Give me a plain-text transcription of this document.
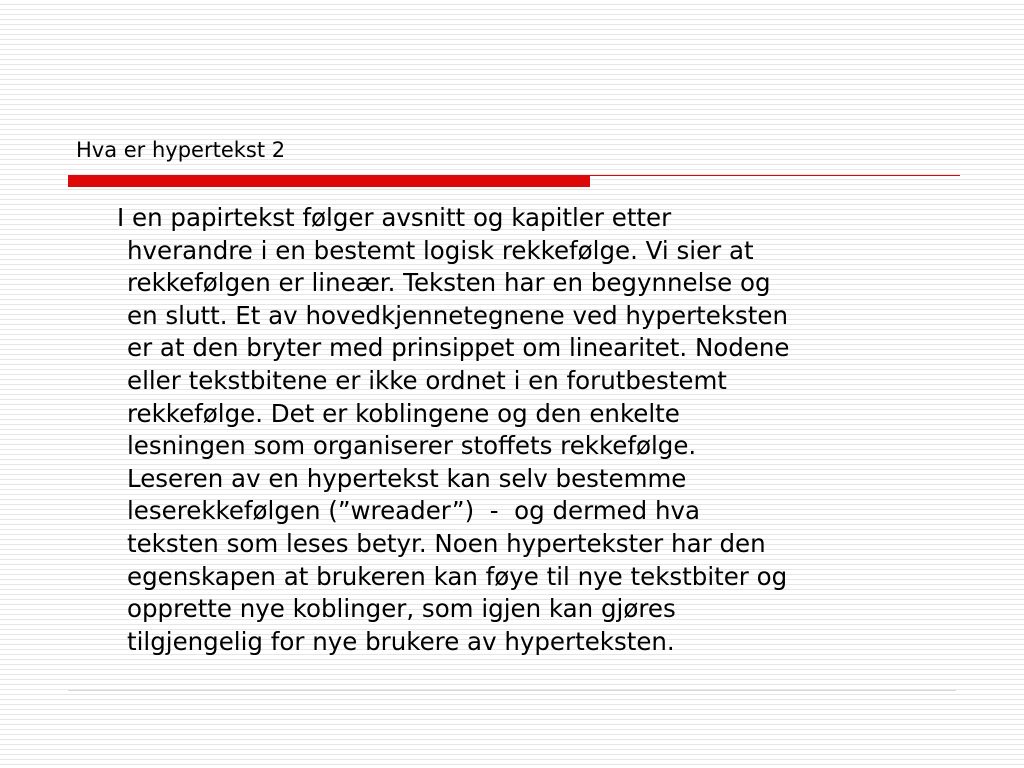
Hva er hypertekst 2
I en papirtekst følger avsnitt og kapitler etter
hverandre i en bestemt logisk rekkefølge. Vi sier at
rekkefølgen er lineær. Teksten har en begynnelse og
en slutt. Et av hovedkjennetegnene ved hyperteksten
er at den bryter med prinsippet om linearitet. Nodene
eller tekstbitene er ikke ordnet i en forutbestemt
rekkefølge. Det er koblingene og den enkelte
lesningen som organiserer stoffets rekkefølge.
Leseren av en hypertekst kan selv bestemme
leserekkefølgen (”wreader”)  -  og dermed hva
teksten som leses betyr. Noen hypertekster har den
egenskapen at brukeren kan føye til nye tekstbiter og
opprette nye koblinger, som igjen kan gjøres
tilgjengelig for nye brukere av hyperteksten.
